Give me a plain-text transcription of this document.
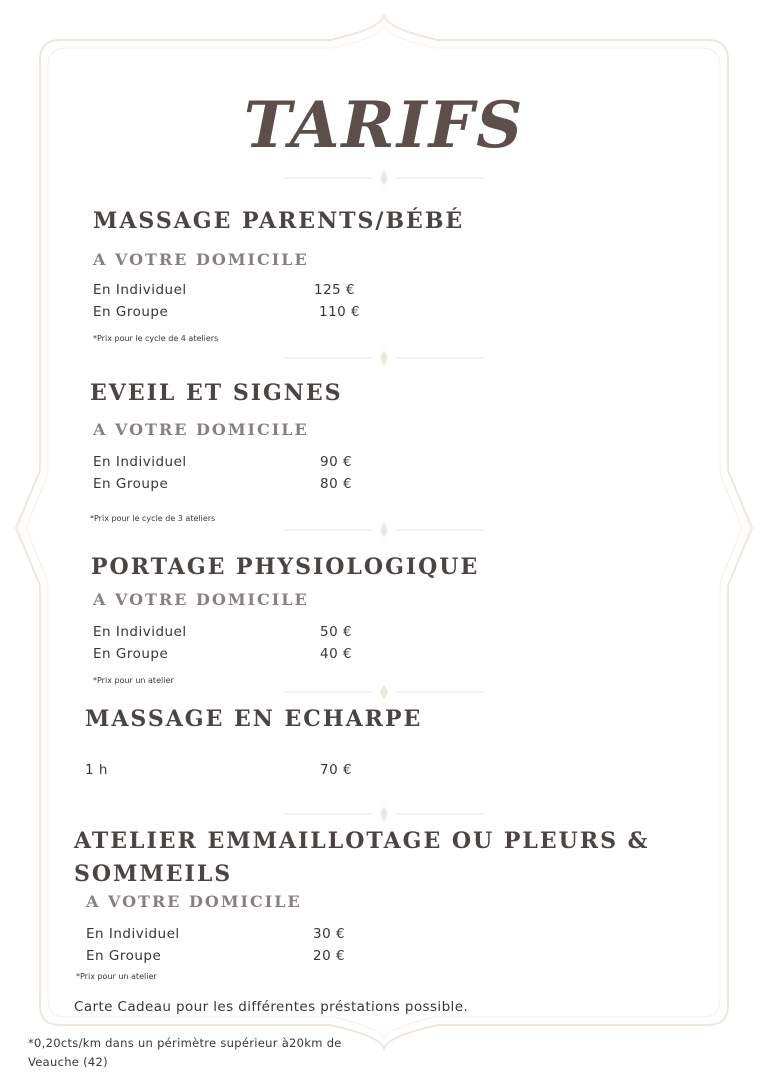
TARIFS
MASSAGE PARENTS/BÉBÉ
A VOTRE DOMICILE
En Individuel	125 €
En Groupe	110 €
*Prix pour le cycle de 4 ateliers
EVEIL ET SIGNES
A VOTRE DOMICILE
En Individuel	90 €
En Groupe	80 €
*Prix pour le cycle de 3 ateliers
PORTAGE PHYSIOLOGIQUE
A VOTRE DOMICILE
En Individuel	50 €
En Groupe	40 €
*Prix pour un atelier
MASSAGE EN ECHARPE
1 h	70 €
ATELIER EMMAILLOTAGE OU PLEURS &
SOMMEILS
A VOTRE DOMICILE
En Individuel	30 €
En Groupe	20 €
*Prix pour un atelier
Carte Cadeau pour les différentes préstations possible.
*0,20cts/km dans un périmètre supérieur à20km de
Veauche (42)
